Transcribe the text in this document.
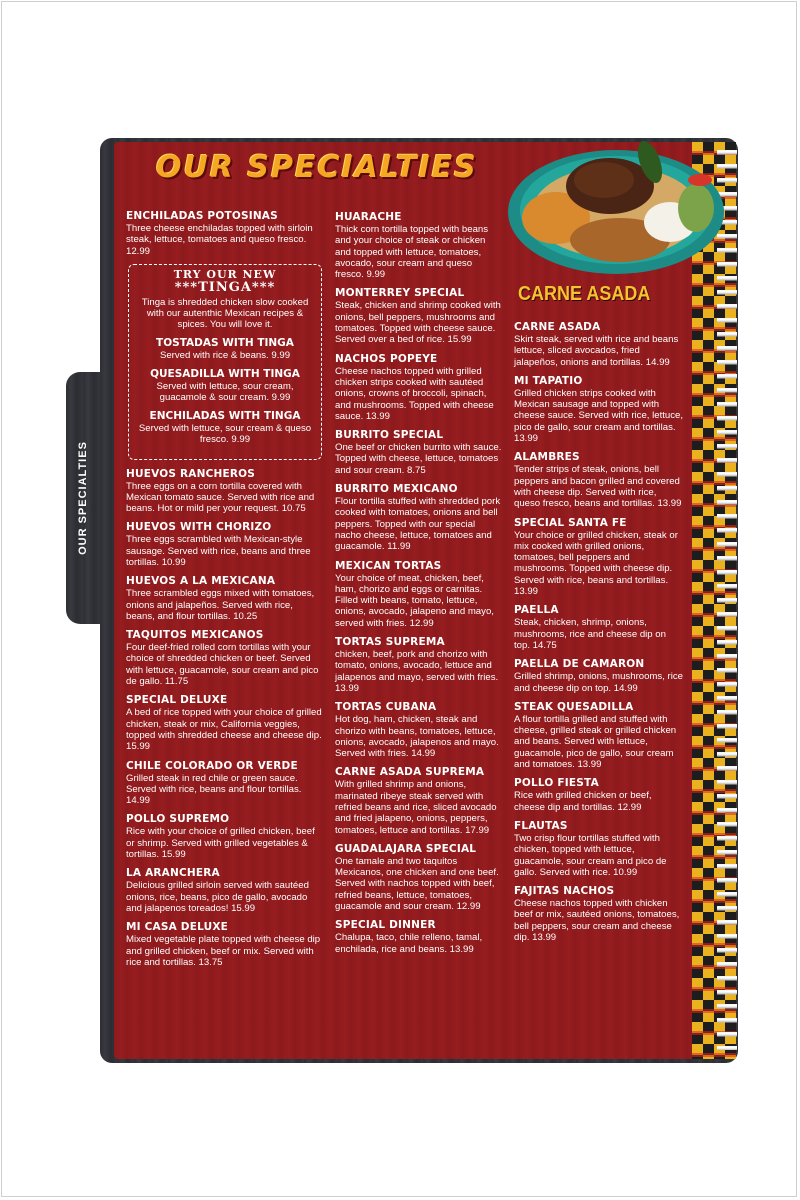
OUR SPECIALTIES
OUR SPECIALTIES
CARNE ASADA
ENCHILADAS POTOSINAS

Three cheese enchiladas topped with sirloin steak, lettuce, tomatoes and queso fresco. 12.99

TRY OUR NEW
***TINGA***
Tinga is shredded chicken slow cooked with our autenthic Mexican recipes & spices. You will love it.
TOSTADAS WITH TINGA

Served with rice & beans. 9.99

QUESADILLA WITH TINGA

Served with lettuce, sour cream, guacamole & sour cream. 9.99

ENCHILADAS WITH TINGA

Served with lettuce, sour cream & queso fresco. 9.99

HUEVOS RANCHEROS

Three eggs on a corn tortilla covered with Mexican tomato sauce. Served with rice and beans. Hot or mild per your request. 10.75

HUEVOS WITH CHORIZO

Three eggs scrambled with Mexican-style sausage. Served with rice, beans and three tortillas. 10.99

HUEVOS A LA MEXICANA

Three scrambled eggs mixed with tomatoes, onions and jalapeños. Served with rice, beans, and flour tortillas. 10.25

TAQUITOS MEXICANOS

Four deef-fried rolled corn tortillas with your choice of shredded chicken or beef. Served with lettuce, guacamole, sour cream and pico de gallo. 11.75

SPECIAL DELUXE

A bed of rice topped with your choice of grilled chicken, steak or mix, California veggies, topped with shredded cheese and cheese dip. 15.99

CHILE COLORADO OR VERDE

Grilled steak in red chile or green sauce. Served with rice, beans and flour tortillas. 14.99

POLLO SUPREMO

Rice with your choice of grilled chicken, beef or shrimp. Served with grilled vegetables & tortillas. 15.99

LA ARANCHERA

Delicious grilled sirloin served with sautéed onions, rice, beans, pico de gallo, avocado and jalapenos toreados! 15.99

MI CASA DELUXE

Mixed vegetable plate topped with cheese dip and grilled chicken, beef or mix. Served with rice and tortillas. 13.75

HUARACHE

Thick corn tortilla topped with beans and your choice of steak or chicken and topped with lettuce, tomatoes, avocado, sour cream and queso fresco. 9.99

MONTERREY SPECIAL

Steak, chicken and shrimp cooked with onions, bell peppers, mushrooms and tomatoes. Topped with cheese sauce. Served over a bed of rice. 15.99

NACHOS POPEYE

Cheese nachos topped with grilled chicken strips cooked with sautéed onions, crowns of broccoli, spinach, and mushrooms. Topped with cheese sauce. 13.99

BURRITO SPECIAL

One beef or chicken burrito with sauce. Topped with cheese, lettuce, tomatoes and sour cream. 8.75

BURRITO MEXICANO

Flour tortilla stuffed with shredded pork cooked with tomatoes, onions and bell peppers. Topped with our special nacho cheese, lettuce, tomatoes and guacamole. 11.99

MEXICAN TORTAS

Your choice of meat, chicken, beef, ham, chorizo and eggs or carnitas. Filled with beans, tomato, lettuce, onions, avocado, jalapeno and mayo, served with fries. 12.99

TORTAS SUPREMA

chicken, beef, pork and chorizo with tomato, onions, avocado, lettuce and jalapenos and mayo, served with fries. 13.99

TORTAS CUBANA

Hot dog, ham, chicken, steak and chorizo with beans, tomatoes, lettuce, onions, avocado, jalapenos and mayo. Served with fries. 14.99

CARNE ASADA SUPREMA

With grilled shrimp and onions, marinated ribeye steak served with refried beans and rice, sliced avocado and fried jalapeno, onions, peppers, tomatoes, lettuce and tortillas. 17.99

GUADALAJARA SPECIAL

One tamale and two taquitos Mexicanos, one chicken and one beef. Served with nachos topped with beef, refried beans, lettuce, tomatoes, guacamole and sour cream. 12.99

SPECIAL DINNER

Chalupa, taco, chile relleno, tamal, enchilada, rice and beans. 13.99

CARNE ASADA

Skirt steak, served with rice and beans lettuce, sliced avocados, fried jalapeños, onions and tortillas. 14.99

MI TAPATIO

Grilled chicken strips cooked with Mexican sausage and topped with cheese sauce. Served with rice, lettuce, pico de gallo, sour cream and tortillas. 13.99

ALAMBRES

Tender strips of steak, onions, bell peppers and bacon grilled and covered with cheese dip. Served with rice, queso fresco, beans and tortillas. 13.99

SPECIAL SANTA FE

Your choice or grilled chicken, steak or mix cooked with grilled onions, tomatoes, bell peppers and mushrooms. Topped with cheese dip. Served with rice, beans and tortillas. 13.99

PAELLA

Steak, chicken, shrimp, onions, mushrooms, rice and cheese dip on top. 14.75

PAELLA DE CAMARON

Grilled shrimp, onions, mushrooms, rice and cheese dip on top. 14.99

STEAK QUESADILLA

A flour tortilla grilled and stuffed with cheese, grilled steak or grilled chicken and beans. Served with lettuce, guacamole, pico de gallo, sour cream and tomatoes. 13.99

POLLO FIESTA

Rice with grilled chicken or beef, cheese dip and tortillas. 12.99

FLAUTAS

Two crisp flour tortillas stuffed with chicken, topped with lettuce, guacamole, sour cream and pico de gallo. Served with rice. 10.99

FAJITAS NACHOS

Cheese nachos topped with chicken beef or mix, sautéed onions, tomatoes, bell peppers, sour cream and cheese dip. 13.99
